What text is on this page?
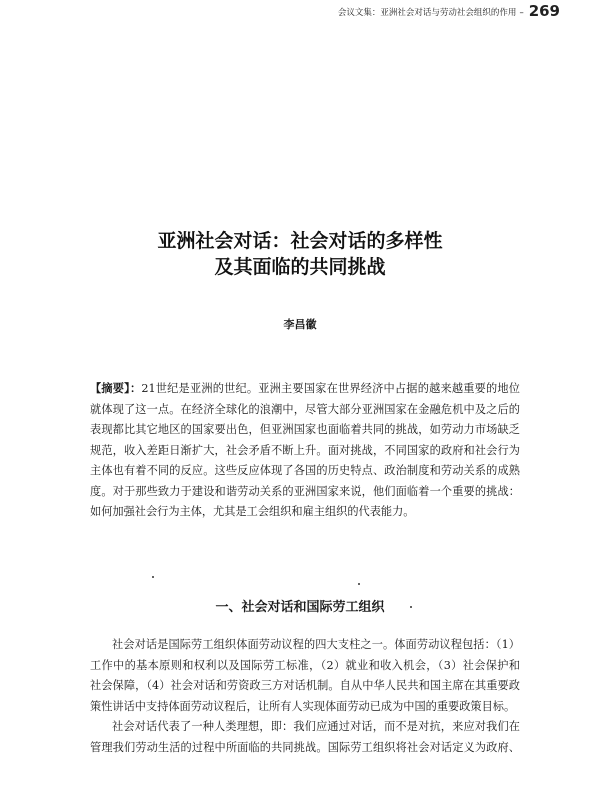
会议文集：亚洲社会对话与劳动社会组织的作用 – 269
亚洲社会对话：社会对话的多样性
及其面临的共同挑战
李昌徽
【摘要】：21世纪是亚洲的世纪。亚洲主要国家在世界经济中占据的越来越重要的地位
就体现了这一点。在经济全球化的浪潮中，尽管大部分亚洲国家在金融危机中及之后的
表现都比其它地区的国家要出色，但亚洲国家也面临着共同的挑战，如劳动力市场缺乏
规范，收入差距日渐扩大，社会矛盾不断上升。面对挑战，不同国家的政府和社会行为
主体也有着不同的反应。这些反应体现了各国的历史特点、政治制度和劳动关系的成熟
度。对于那些致力于建设和谐劳动关系的亚洲国家来说，他们面临着一个重要的挑战：
如何加强社会行为主体，尤其是工会组织和雇主组织的代表能力。
一、社会对话和国际劳工组织
社会对话是国际劳工组织体面劳动议程的四大支柱之一。体面劳动议程包括：（1）
工作中的基本原则和权利以及国际劳工标准，（2）就业和收入机会，（3）社会保护和
社会保障，（4）社会对话和劳资政三方对话机制。自从中华人民共和国主席在其重要政
策性讲话中支持体面劳动议程后，让所有人实现体面劳动已成为中国的重要政策目标。
社会对话代表了一种人类理想，即：我们应通过对话，而不是对抗，来应对我们在
管理我们劳动生活的过程中所面临的共同挑战。国际劳工组织将社会对话定义为政府、
